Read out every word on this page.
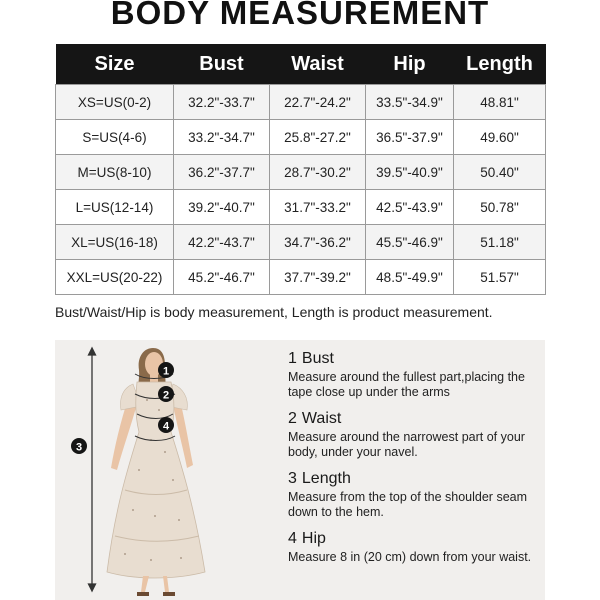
BODY MEASUREMENT
Size	Bust	Waist	Hip	Length
XS=US(0-2)	32.2"-33.7"	22.7"-24.2"	33.5"-34.9"	48.81"
S=US(4-6)	33.2"-34.7"	25.8"-27.2"	36.5"-37.9"	49.60"
M=US(8-10)	36.2"-37.7"	28.7"-30.2"	39.5"-40.9"	50.40"
L=US(12-14)	39.2"-40.7"	31.7"-33.2"	42.5"-43.9"	50.78"
XL=US(16-18)	42.2"-43.7"	34.7"-36.2"	45.5"-46.9"	51.18"
XXL=US(20-22)	45.2"-46.7"	37.7"-39.2"	48.5"-49.9"	51.57"
Bust/Waist/Hip is body measurement, Length is product measurement.
1
2
3
4
1 Bust
Measure around the fullest part,placing the tape close up under the arms
2 Waist
Measure around the narrowest part of your body, under your navel.
3 Length
Measure from the top of the shoulder seam down to the hem.
4 Hip
Measure 8 in (20 cm) down from your waist.
